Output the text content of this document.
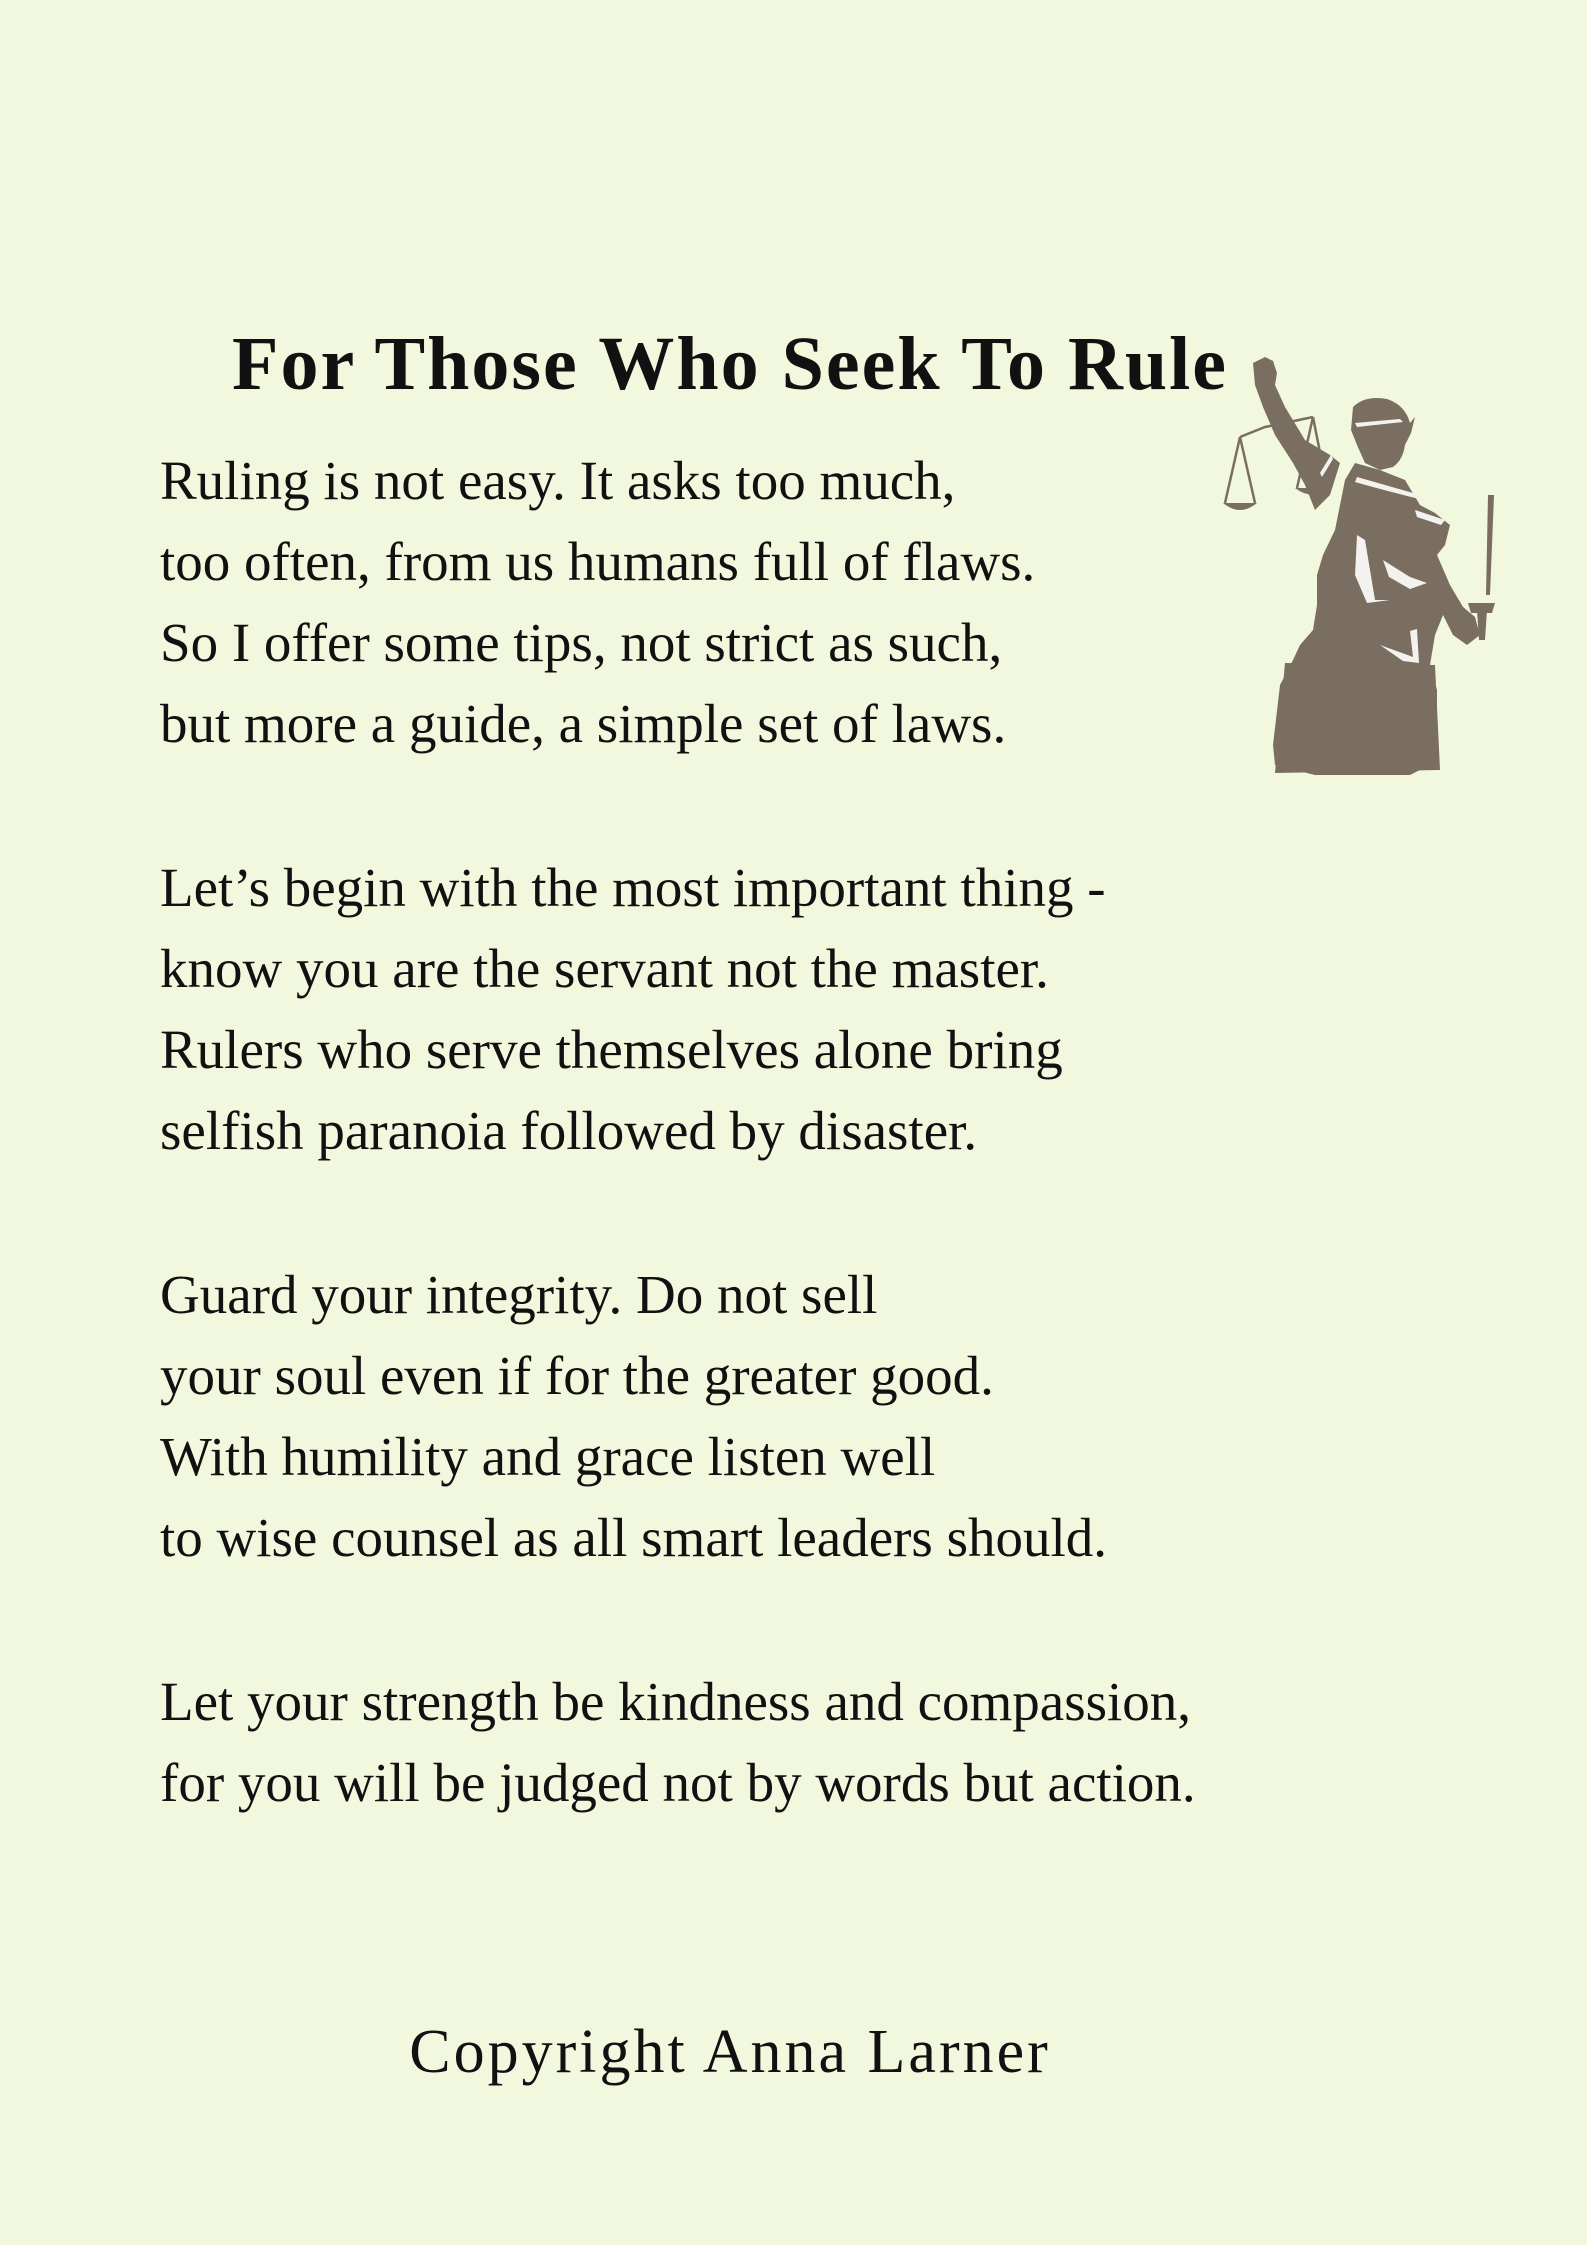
For Those Who Seek To Rule
Ruling is not easy. It asks too much,
too often, from us humans full of flaws.
So I offer some tips, not strict as such,
but more a guide, a simple set of laws.
Let’s begin with the most important thing -
know you are the servant not the master.
Rulers who serve themselves alone bring
selfish paranoia followed by disaster.
Guard your integrity. Do not sell
your soul even if for the greater good.
With humility and grace listen well
to wise counsel as all smart leaders should.
Let your strength be kindness and compassion,
for you will be judged not by words but action.
Copyright Anna Larner
